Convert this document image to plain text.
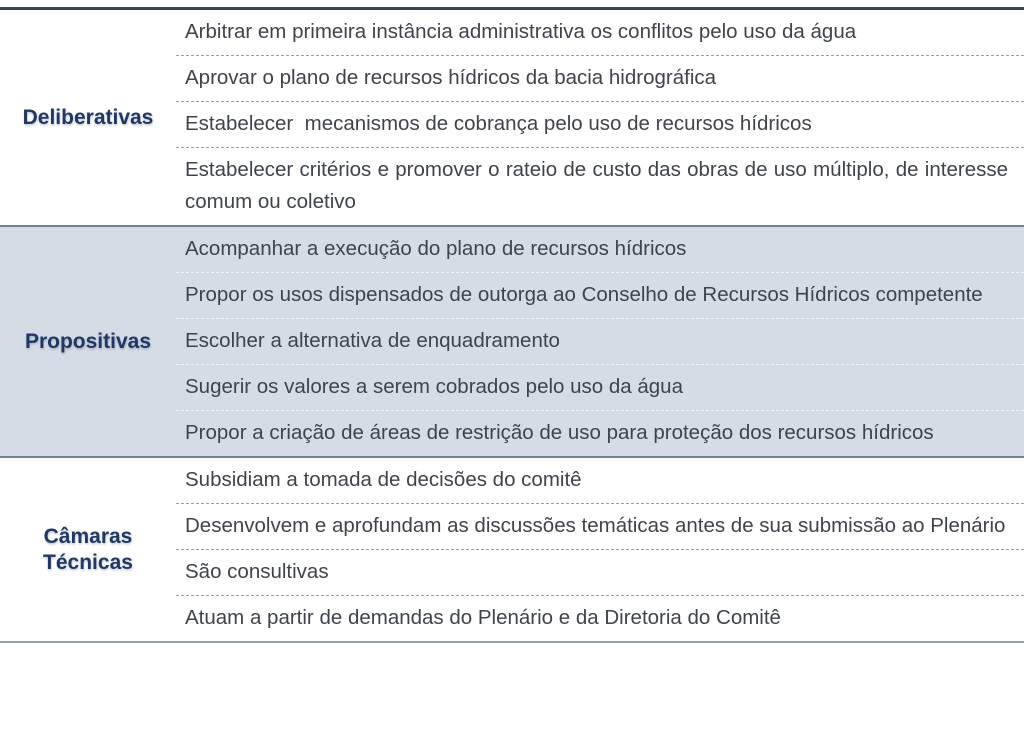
Deliberativas

Arbitrar em primeira instância administrativa os conflitos pelo uso da água

Aprovar o plano de recursos hídricos da bacia hidrográfica

Estabelecer  mecanismos de cobrança pelo uso de recursos hídricos

Estabelecer critérios e promover o rateio de custo das obras de uso múltiplo, de interesse comum ou coletivo

Propositivas

Acompanhar a execução do plano de recursos hídricos

Propor os usos dispensados de outorga ao Conselho de Recursos Hídricos competente

Escolher a alternativa de enquadramento

Sugerir os valores a serem cobrados pelo uso da água

Propor a criação de áreas de restrição de uso para proteção dos recursos hídricos

Câmaras Técnicas

Subsidiam a tomada de decisões do comitê

Desenvolvem e aprofundam as discussões temáticas antes de sua submissão ao Plenário

São consultivas

Atuam a partir de demandas do Plenário e da Diretoria do Comitê
